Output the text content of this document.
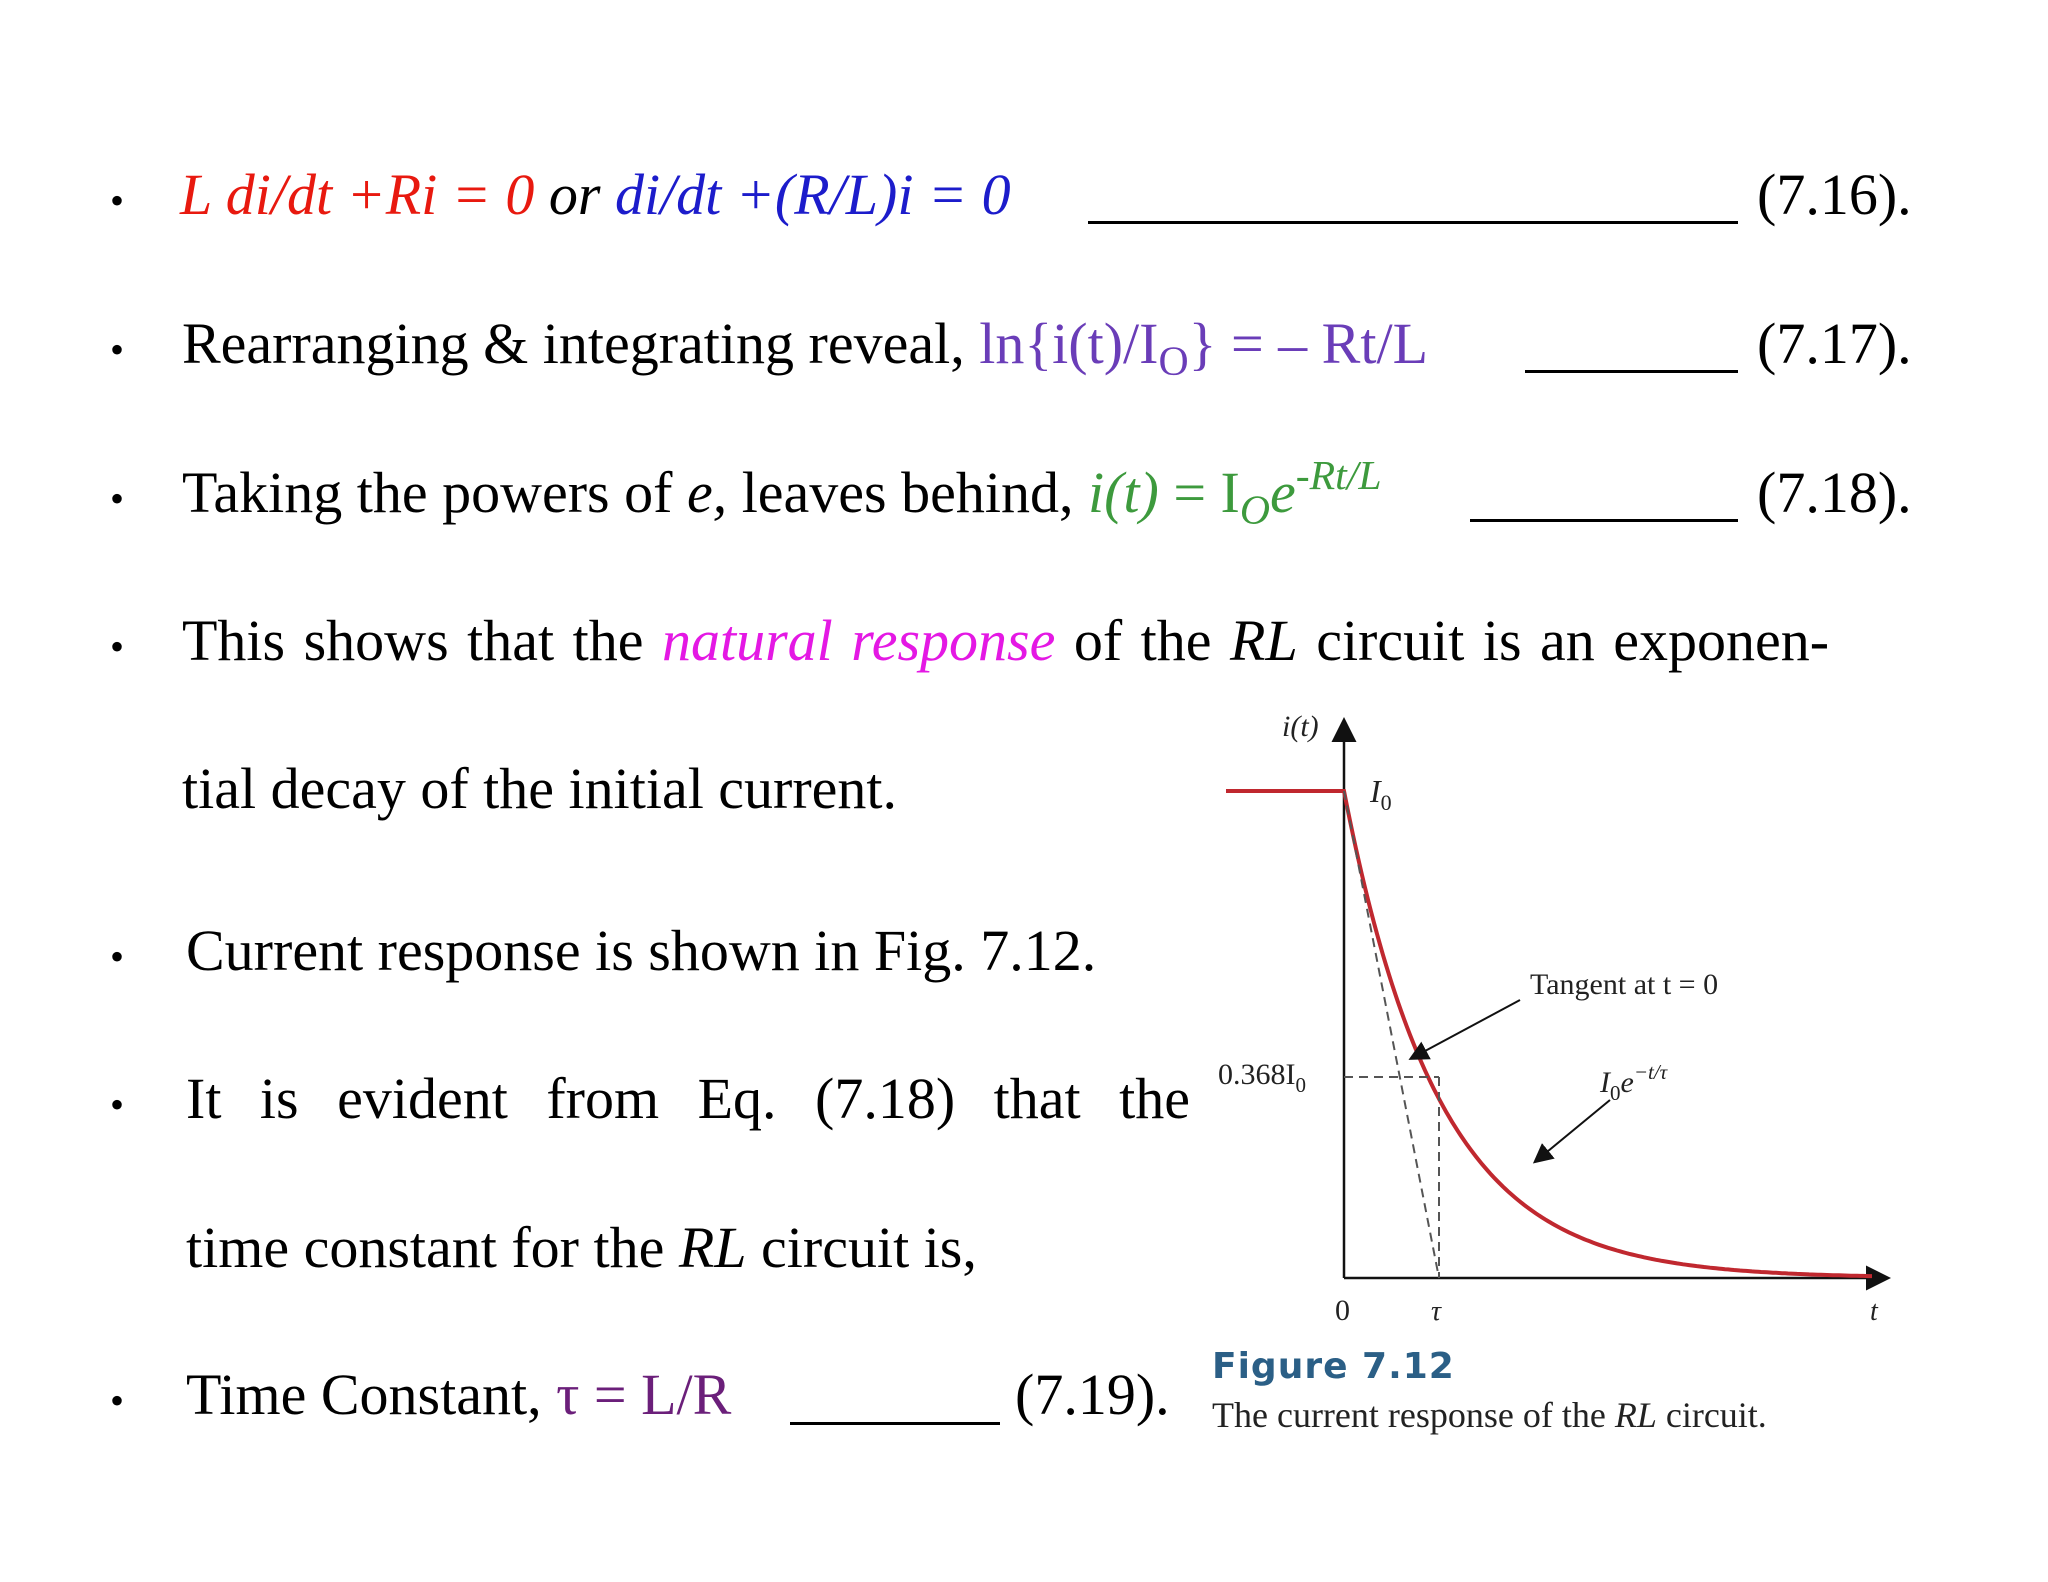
• L di/dt +Ri = 0 or di/dt +(R/L)i = 0	(7.16).
• Rearranging & integrating reveal, $\ln\{i(t)/I_O\}$ = – Rt/L	(7.17).
• Taking the powers of e, leaves behind, $i(t) = I_Oe^{-Rt/L}$	(7.18).
• This shows that the natural response of the RL circuit is an exponen-
tial decay of the initial current.
• Current response is shown in Fig. 7.12.
• It is evident from Eq. (7.18) that the
time constant for the RL circuit is,
• Time Constant, τ = L/R	(7.19).
i(t)
$I_0$
$0.368I_0$
Tangent at t = 0
$I_0e^{-t/\tau}$
0	τ	t
Figure 7.12
The current response of the RL circuit.
